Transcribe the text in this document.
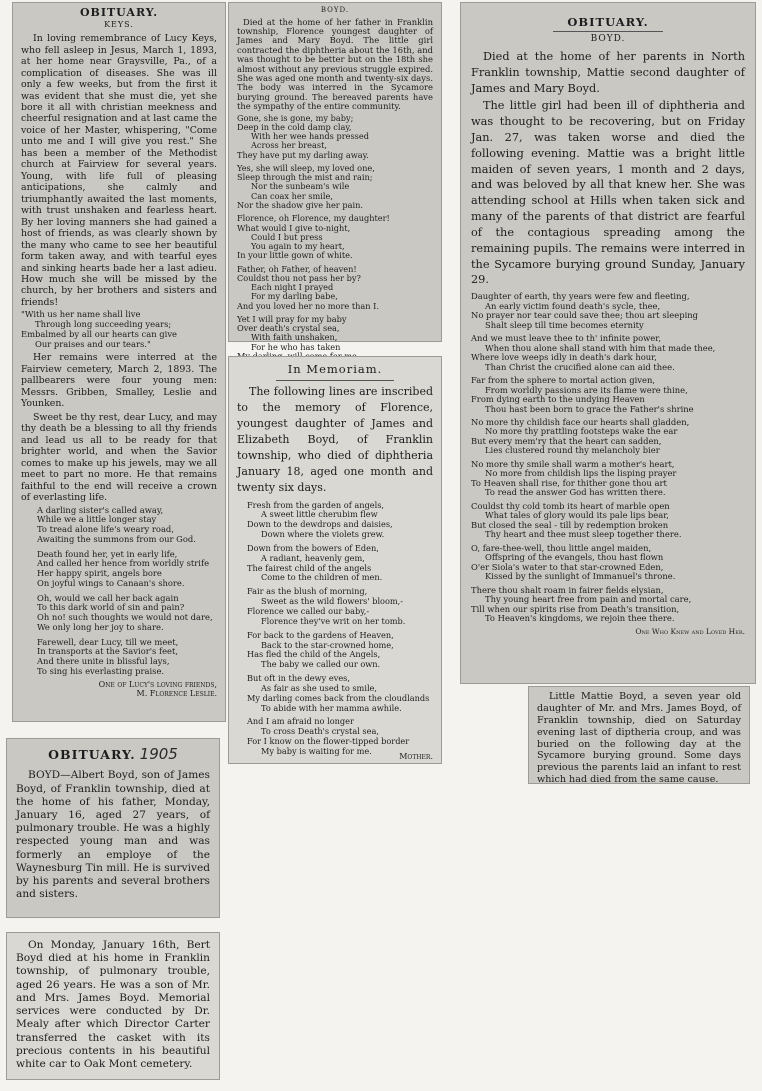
OBITUARY.
KEYS.

In loving remembrance of Lucy Keys, who fell asleep in Jesus, March 1, 1893, at her home near Graysville, Pa., of a complication of diseases. She was ill only a few weeks, but from the first it was evident that she must die, yet she bore it all with christian meekness and cheerful resignation and at last came the voice of her Master, whispering, "Come unto me and I will give you rest." She has been a member of the Methodist church at Fairview for several years. Young, with life full of pleasing anticipations, she calmly and triumphantly awaited the last moments, with trust unshaken and fearless heart. By her loving manners she had gained a host of friends, as was clearly shown by the many who came to see her beautiful form taken away, and with tearful eyes and sinking hearts bade her a last adieu. How much she will be missed by the church, by her brothers and sisters and friends!

"With us her name shall live
Through long succeeding years;
Embalmed by all our hearts can give
Our praises and our tears."

Her remains were interred at the Fairview cemetery, March 2, 1893. The pallbearers were four young men: Messrs. Gribben, Smalley, Leslie and Younken.

Sweet be thy rest, dear Lucy, and may thy death be a blessing to all thy friends and lead us all to be ready for that brighter world, and when the Savior comes to make up his jewels, may we all meet to part no more. He that remains faithful to the end will receive a crown of everlasting life.

A darling sister's called away,
While we a little longer stay
To tread alone life's weary road,
Awaiting the summons from our God.
Death found her, yet in early life,
And called her hence from worldly strife
Her happy spirit, angels bore
On joyful wings to Canaan's shore.
Oh, would we call her back again
To this dark world of sin and pain?
Oh no! such thoughts we would not dare,
We only long her joy to share.
Farewell, dear Lucy, till we meet,
In transports at the Savior's feet,
And there unite in blissful lays,
To sing his everlasting praise.
One of Lucy's loving friends,
M. Florence Leslie.
BOYD.

Died at the home of her father in Franklin township, Florence youngest daughter of James and Mary Boyd. The little girl contracted the diphtheria about the 16th, and was thought to be better but on the 18th she almost without any previous struggle expired. She was aged one month and twenty-six days. The body was interred in the Sycamore burying ground. The bereaved parents have the sympathy of the entire community.

Gone, she is gone, my baby;
Deep in the cold damp clay,
With her wee hands pressed
Across her breast,
They have put my darling away.
Yes, she will sleep, my loved one,
Sleep through the mist and rain;
Nor the sunbeam's wile
Can coax her smile,
Nor the shadow give her pain.
Florence, oh Florence, my daughter!
What would I give to-night,
Could I but press
You again to my heart,
In your little gown of white.
Father, oh Father, of heaven!
Couldst thou not pass her by?
Each night I prayed
For my darling babe,
And you loved her no more than I.
Yet I will pray for my baby
Over death's crystal sea,
With faith unshaken,
For he who has taken
In Memoriam.

The following lines are inscribed to the memory of Florence, youngest daughter of James and Elizabeth Boyd, of Franklin township, who died of diphtheria January 18, aged one month and twenty six days.

Fresh from the garden of angels,
A sweet little cherubim flew
Down to the dewdrops and daisies,
Down where the violets grew.
Down from the bowers of Eden,
A radiant, heavenly gem,
The fairest child of the angels
Come to the children of men.
Fair as the blush of morning,
Sweet as the wild flowers' bloom,-
Florence we called our baby,-
Florence they've writ on her tomb.
For back to the gardens of Heaven,
Back to the star-crowned home,
Has fled the child of the Angels,
The baby we called our own.
But oft in the dewy eves,
As fair as she used to smile,
My darling comes back from the cloudlands
To abide with her mamma awhile.
And I am afraid no longer
To cross Death's crystal sea,
For I know on the flower-tipped border
My baby is waiting for me.
Mother.
OBITUARY.
BOYD.

Died at the home of her parents in North Franklin township, Mattie second daughter of James and Mary Boyd.

The little girl had been ill of diphtheria and was thought to be recovering, but on Friday Jan. 27, was taken worse and died the following evening. Mattie was a bright little maiden of seven years, 1 month and 2 days, and was beloved by all that knew her. She was attending school at Hills when taken sick and many of the parents of that district are fearful of the contagious spreading among the remaining pupils. The remains were interred in the Sycamore burying ground Sunday, January 29.

Daughter of earth, thy years were few and fleeting,
An early victim found death's sycle, thee,
No prayer nor tear could save thee; thou art sleeping
Shalt sleep till time becomes eternity
And we must leave thee to th' infinite power,
When thou alone shall stand with him that made thee,
Where love weeps idly in death's dark hour,
Than Christ the crucified alone can aid thee.
Far from the sphere to mortal action given,
From worldly passions are its flame were thine,
From dying earth to the undying Heaven
Thou hast been born to grace the Father's shrine
No more thy childish face our hearts shall gladden,
No more thy prattling footsteps wake the ear
But every mem'ry that the heart can sadden,
Lies clustered round thy melancholy bier
No more thy smile shall warm a mother's heart,
No more from childish lips the lisping prayer
To Heaven shall rise, for thither gone thou art
To read the answer God has written there.
Couldst thy cold tomb its heart of marble open
What tales of glory would its pale lips bear,
But closed the seal - till by redemption broken
Thy heart and thee must sleep together there.
O, fare-thee-well, thou little angel maiden,
Offspring of the evangels, thou hast flown
O'er Siola's water to that star-crowned Eden,
Kissed by the sunlight of Immanuel's throne.
There thou shalt roam in fairer fields elysian,
Thy young heart free from pain and mortal care,
Till when our spirits rise from Death's transition,
To Heaven's kingdoms, we rejoin thee there.
One Who Knew and Loved Her.

Little Mattie Boyd, a seven year old daughter of Mr. and Mrs. James Boyd, of Franklin township, died on Saturday evening last of diptheria croup, and was buried on the following day at the Sycamore burying ground. Some days previous the parents laid an infant to rest which had died from the same cause.

OBITUARY. 1905

BOYD—Albert Boyd, son of James Boyd, of Franklin township, died at the home of his father, Monday, January 16, aged 27 years, of pulmonary trouble. He was a highly respected young man and was formerly an employe of the Waynesburg Tin mill. He is survived by his parents and several brothers and sisters.

On Monday, January 16th, Bert Boyd died at his home in Franklin township, of pulmonary trouble, aged 26 years. He was a son of Mr. and Mrs. James Boyd. Memorial services were conducted by Dr. Mealy after which Director Carter transferred the casket with its precious contents in his beautiful white car to Oak Mont cemetery.
